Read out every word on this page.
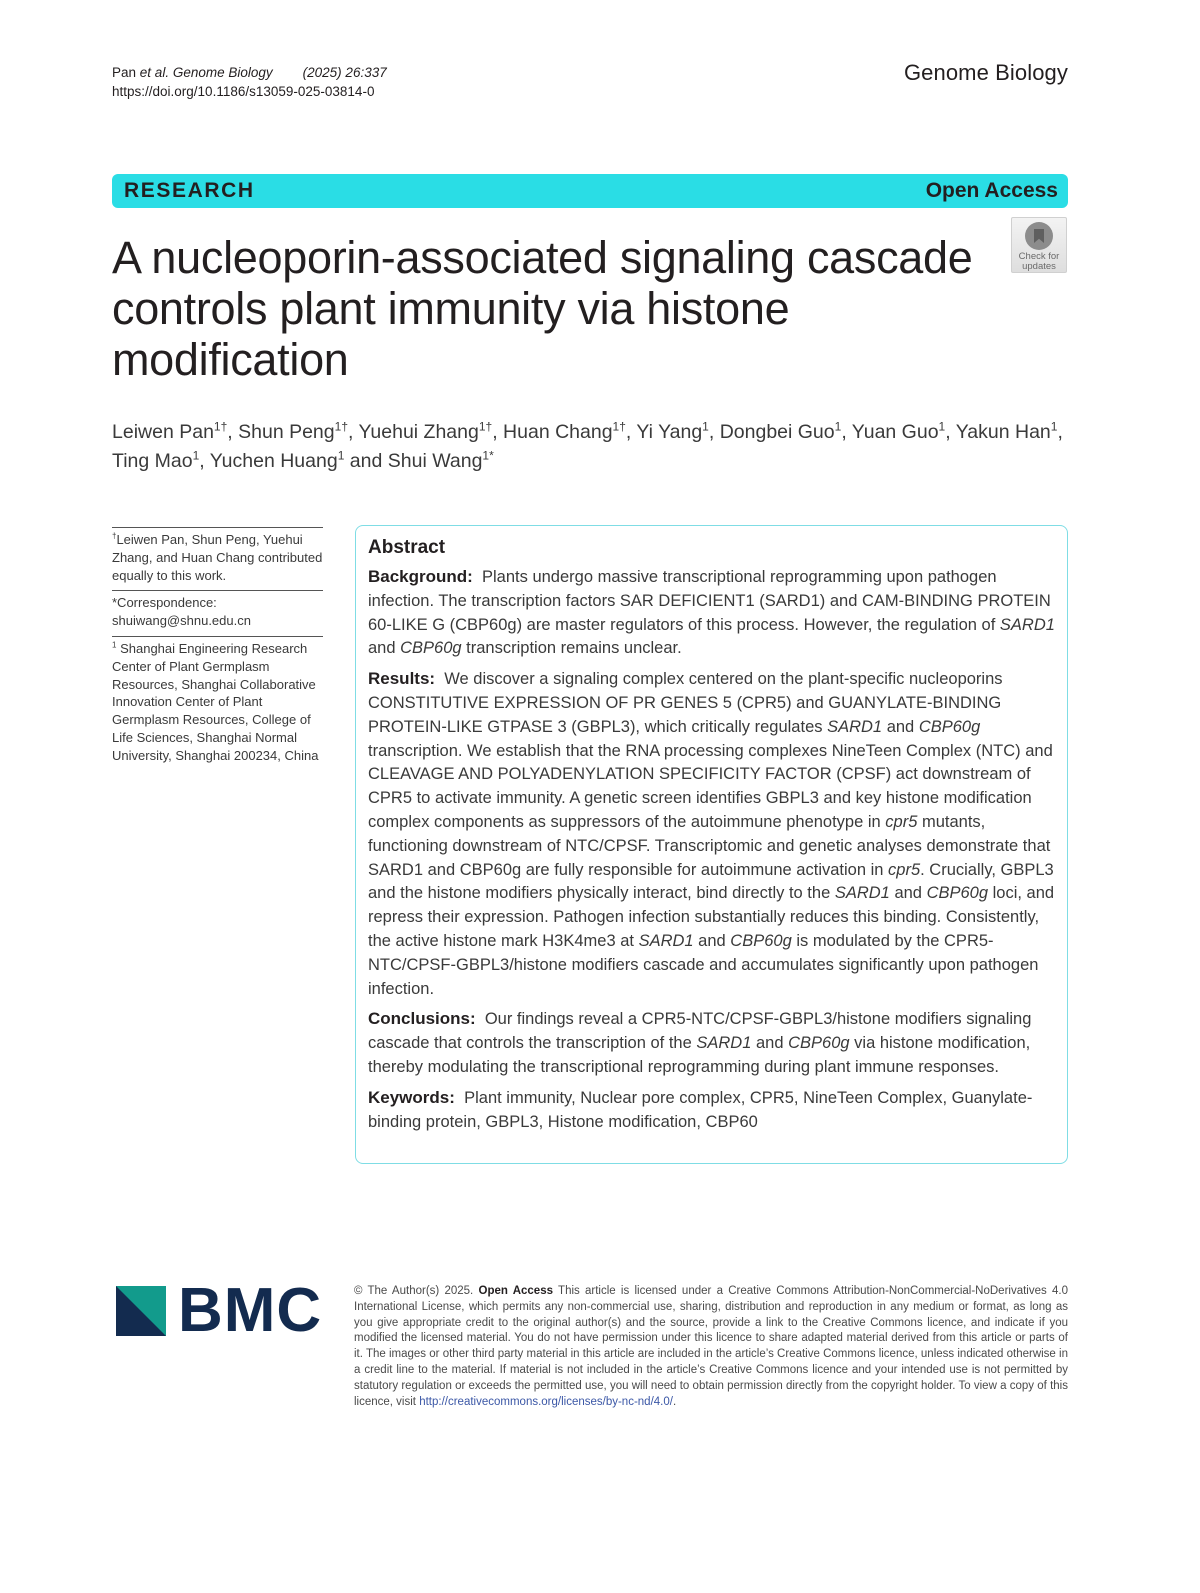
Pan et al. Genome Biology (2025) 26:337
https://doi.org/10.1186/s13059-025-03814-0
Genome Biology
RESEARCH	Open Access
A nucleoporin-associated signaling cascade controls plant immunity via histone modification
Check for
updates
Leiwen Pan$^{1\dagger}$, Shun Peng$^{1\dagger}$, Yuehui Zhang$^{1\dagger}$, Huan Chang$^{1\dagger}$, Yi Yang$^1$, Dongbei Guo$^1$, Yuan Guo$^1$, Yakun Han$^1$,
Ting Mao$^1$, Yuchen Huang$^1$ and Shui Wang$^{1*}$
†Leiwen Pan, Shun Peng, Yuehui Zhang, and Huan Chang contributed equally to this work.
*Correspondence:
shuiwang@shnu.edu.cn
$^1$ Shanghai Engineering Research Center of Plant Germplasm Resources, Shanghai Collaborative Innovation Center of Plant Germplasm Resources, College of Life Sciences, Shanghai Normal University, Shanghai 200234, China
Abstract

Background: Plants undergo massive transcriptional reprogramming upon pathogen infection. The transcription factors SAR DEFICIENT1 (SARD1) and CAM-BINDING PROTEIN 60-LIKE G (CBP60g) are master regulators of this process. However, the regulation of SARD1 and CBP60g transcription remains unclear.

Results: We discover a signaling complex centered on the plant-specific nucleoporins CONSTITUTIVE EXPRESSION OF PR GENES 5 (CPR5) and GUANYLATE-BINDING PROTEIN-LIKE GTPASE 3 (GBPL3), which critically regulates SARD1 and CBP60g transcription. We establish that the RNA processing complexes NineTeen Complex (NTC) and CLEAVAGE AND POLYADENYLATION SPECIFICITY FACTOR (CPSF) act downstream of CPR5 to activate immunity. A genetic screen identifies GBPL3 and key histone modification complex components as suppressors of the autoimmune phenotype in cpr5 mutants, functioning downstream of NTC/CPSF. Transcriptomic and genetic analyses demonstrate that SARD1 and CBP60g are fully responsible for autoimmune activation in cpr5. Crucially, GBPL3 and the histone modifiers physically interact, bind directly to the SARD1 and CBP60g loci, and repress their expression. Pathogen infection substantially reduces this binding. Consistently, the active histone mark H3K4me3 at SARD1 and CBP60g is modulated by the CPR5-NTC/CPSF-GBPL3/histone modifiers cascade and accumulates significantly upon pathogen infection.

Conclusions: Our findings reveal a CPR5-NTC/CPSF-GBPL3/histone modifiers signaling cascade that controls the transcription of the SARD1 and CBP60g via histone modification, thereby modulating the transcriptional reprogramming during plant immune responses.

Keywords: Plant immunity, Nuclear pore complex, CPR5, NineTeen Complex, Guanylate-binding protein, GBPL3, Histone modification, CBP60

BMC	© The Author(s) 2025. Open Access This article is licensed under a Creative Commons Attribution-NonCommercial-NoDerivatives 4.0 International License, which permits any non-commercial use, sharing, distribution and reproduction in any medium or format, as long as you give appropriate credit to the original author(s) and the source, provide a link to the Creative Commons licence, and indicate if you modified the licensed material. You do not have permission under this licence to share adapted material derived from this article or parts of it. The images or other third party material in this article are included in the article’s Creative Commons licence, unless indicated otherwise in a credit line to the material. If material is not included in the article’s Creative Commons licence and your intended use is not permitted by statutory regulation or exceeds the permitted use, you will need to obtain permission directly from the copyright holder. To view a copy of this licence, visit http://creativecommons.org/licenses/by-nc-nd/4.0/.
